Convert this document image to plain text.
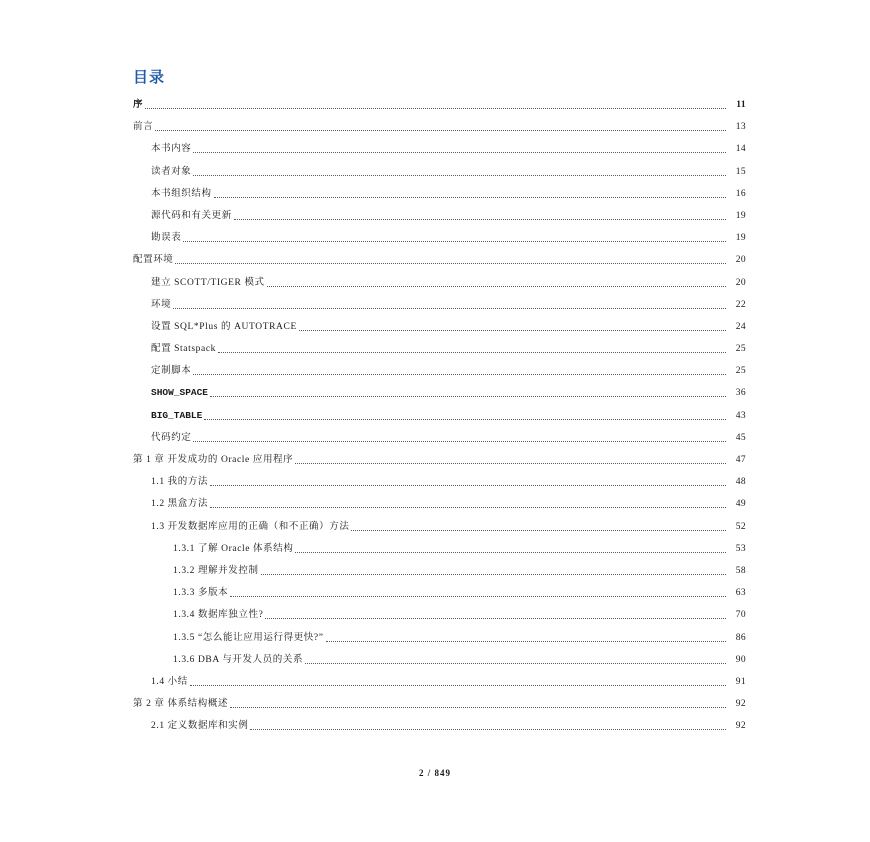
目录
序	11
前言	13
本书内容	14
读者对象	15
本书组织结构	16
源代码和有关更新	19
勘误表	19
配置环境	20
建立 SCOTT/TIGER 模式	20
环境	22
设置 SQL*Plus 的 AUTOTRACE	24
配置 Statspack	25
定制脚本	25
SHOW_SPACE	36
BIG_TABLE	43
代码约定	45
第 1 章 开发成功的 Oracle 应用程序	47
1.1 我的方法	48
1.2 黑盒方法	49
1.3 开发数据库应用的正确（和不正确）方法	52
1.3.1 了解 Oracle 体系结构	53
1.3.2 理解并发控制	58
1.3.3 多版本	63
1.3.4 数据库独立性?	70
1.3.5 “怎么能让应用运行得更快?”	86
1.3.6 DBA 与开发人员的关系	90
1.4 小结	91
第 2 章 体系结构概述	92
2.1 定义数据库和实例	92
2 / 849
